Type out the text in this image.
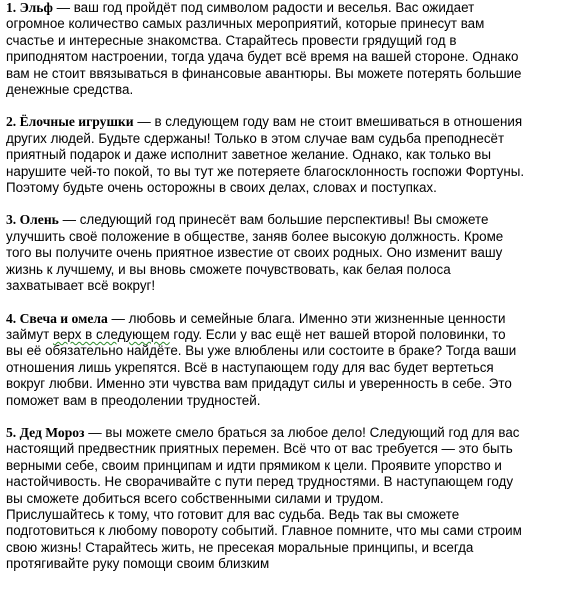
1. Эльф — ваш год пройдёт под символом радости и веселья. Вас ожидает
огромное количество самых различных мероприятий, которые принесут вам
счастье и интересные знакомства. Старайтесь провести грядущий год в
приподнятом настроении, тогда удача будет всё время на вашей стороне. Однако
вам не стоит ввязываться в финансовые авантюры. Вы можете потерять большие
денежные средства.
2. Ёлочные игрушки — в следующем году вам не стоит вмешиваться в отношения
других людей. Будьте сдержаны! Только в этом случае вам судьба преподнесёт
приятный подарок и даже исполнит заветное желание. Однако, как только вы
нарушите чей-то покой, то вы тут же потеряете благосклонность госпожи Фортуны.
Поэтому будьте очень осторожны в своих делах, словах и поступках.
3. Олень — следующий год принесёт вам большие перспективы! Вы сможете
улучшить своё положение в обществе, заняв более высокую должность. Кроме
того вы получите очень приятное известие от своих родных. Оно изменит вашу
жизнь к лучшему, и вы вновь сможете почувствовать, как белая полоса
захватывает всё вокруг!
4. Свеча и омела — любовь и семейные блага. Именно эти жизненные ценности
займут верх в следующем году. Если у вас ещё нет вашей второй половинки, то
вы её обязательно найдёте. Вы уже влюблены или состоите в браке? Тогда ваши
отношения лишь укрепятся. Всё в наступающем году для вас будет вертеться
вокруг любви. Именно эти чувства вам придадут силы и уверенность в себе. Это
поможет вам в преодолении трудностей.
5. Дед Мороз — вы можете смело браться за любое дело! Следующий год для вас
настоящий предвестник приятных перемен. Всё что от вас требуется — это быть
верными себе, своим принципам и идти прямиком к цели. Проявите упорство и
настойчивость. Не сворачивайте с пути перед трудностями. В наступающем году
вы сможете добиться всего собственными силами и трудом.
Прислушайтесь к тому, что готовит для вас судьба. Ведь так вы сможете
подготовиться к любому повороту событий. Главное помните, что мы сами строим
свою жизнь! Старайтесь жить, не пресекая моральные принципы, и всегда
протягивайте руку помощи своим близким
